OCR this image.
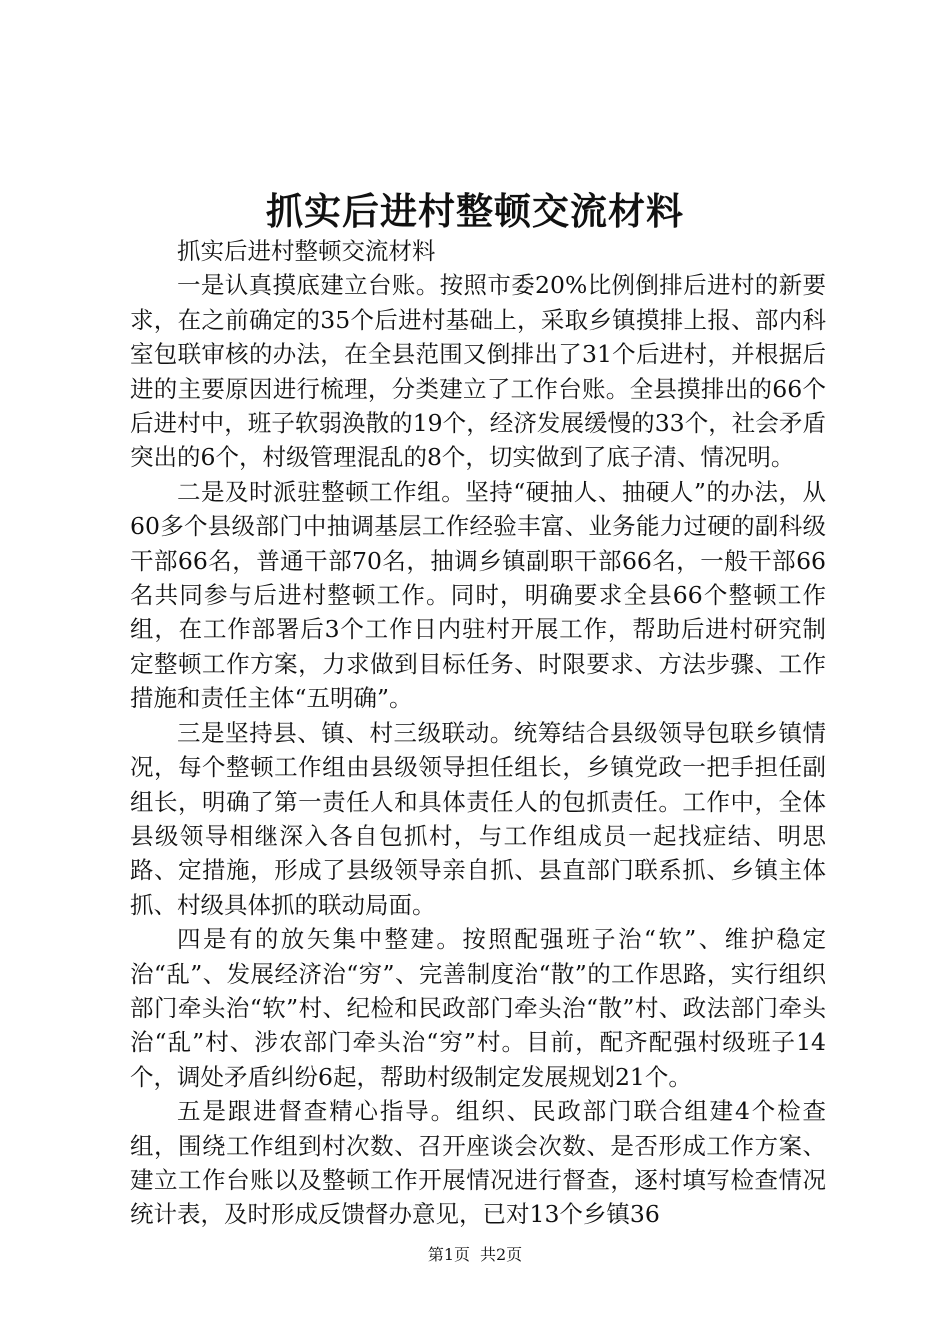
抓实后进村整顿交流材料

抓实后进村整顿交流材料

一是认真摸底建立台账。按照市委20%比例倒排后进村的新要求，在之前确定的35个后进村基础上，采取乡镇摸排上报、部内科室包联审核的办法，在全县范围又倒排出了31个后进村，并根据后进的主要原因进行梳理，分类建立了工作台账。全县摸排出的66个后进村中，班子软弱涣散的19个，经济发展缓慢的33个，社会矛盾突出的6个，村级管理混乱的8个，切实做到了底子清、情况明。

二是及时派驻整顿工作组。坚持“硬抽人、抽硬人”的办法，从60多个县级部门中抽调基层工作经验丰富、业务能力过硬的副科级干部66名，普通干部70名，抽调乡镇副职干部66名，一般干部66名共同参与后进村整顿工作。同时，明确要求全县66个整顿工作组，在工作部署后3个工作日内驻村开展工作，帮助后进村研究制定整顿工作方案，力求做到目标任务、时限要求、方法步骤、工作措施和责任主体“五明确”。

三是坚持县、镇、村三级联动。统筹结合县级领导包联乡镇情况，每个整顿工作组由县级领导担任组长，乡镇党政一把手担任副组长，明确了第一责任人和具体责任人的包抓责任。工作中，全体县级领导相继深入各自包抓村，与工作组成员一起找症结、明思路、定措施，形成了县级领导亲自抓、县直部门联系抓、乡镇主体抓、村级具体抓的联动局面。

四是有的放矢集中整建。按照配强班子治“软”、维护稳定治“乱”、发展经济治“穷”、完善制度治“散”的工作思路，实行组织部门牵头治“软”村、纪检和民政部门牵头治“散”村、政法部门牵头治“乱”村、涉农部门牵头治“穷”村。目前，配齐配强村级班子14个，调处矛盾纠纷6起，帮助村级制定发展规划21个。

五是跟进督查精心指导。组织、民政部门联合组建4个检查组，围绕工作组到村次数、召开座谈会次数、是否形成工作方案、建立工作台账以及整顿工作开展情况进行督查，逐村填写检查情况统计表，及时形成反馈督办意见，已对13个乡镇36

第1页 共2页
